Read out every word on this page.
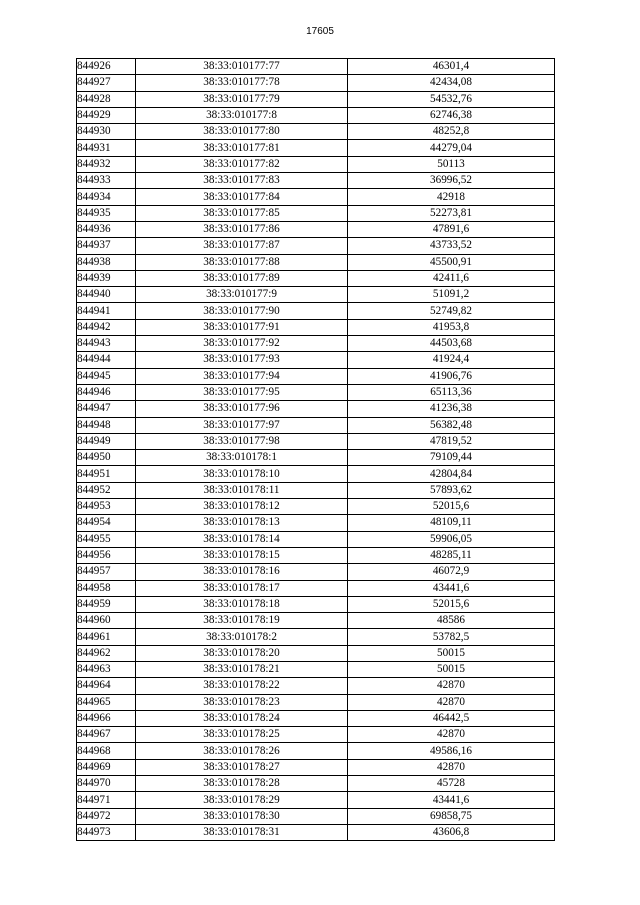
17605
844926	38:33:010177:77	46301,4
844927	38:33:010177:78	42434,08
844928	38:33:010177:79	54532,76
844929	38:33:010177:8	62746,38
844930	38:33:010177:80	48252,8
844931	38:33:010177:81	44279,04
844932	38:33:010177:82	50113
844933	38:33:010177:83	36996,52
844934	38:33:010177:84	42918
844935	38:33:010177:85	52273,81
844936	38:33:010177:86	47891,6
844937	38:33:010177:87	43733,52
844938	38:33:010177:88	45500,91
844939	38:33:010177:89	42411,6
844940	38:33:010177:9	51091,2
844941	38:33:010177:90	52749,82
844942	38:33:010177:91	41953,8
844943	38:33:010177:92	44503,68
844944	38:33:010177:93	41924,4
844945	38:33:010177:94	41906,76
844946	38:33:010177:95	65113,36
844947	38:33:010177:96	41236,38
844948	38:33:010177:97	56382,48
844949	38:33:010177:98	47819,52
844950	38:33:010178:1	79109,44
844951	38:33:010178:10	42804,84
844952	38:33:010178:11	57893,62
844953	38:33:010178:12	52015,6
844954	38:33:010178:13	48109,11
844955	38:33:010178:14	59906,05
844956	38:33:010178:15	48285,11
844957	38:33:010178:16	46072,9
844958	38:33:010178:17	43441,6
844959	38:33:010178:18	52015,6
844960	38:33:010178:19	48586
844961	38:33:010178:2	53782,5
844962	38:33:010178:20	50015
844963	38:33:010178:21	50015
844964	38:33:010178:22	42870
844965	38:33:010178:23	42870
844966	38:33:010178:24	46442,5
844967	38:33:010178:25	42870
844968	38:33:010178:26	49586,16
844969	38:33:010178:27	42870
844970	38:33:010178:28	45728
844971	38:33:010178:29	43441,6
844972	38:33:010178:30	69858,75
844973	38:33:010178:31	43606,8
